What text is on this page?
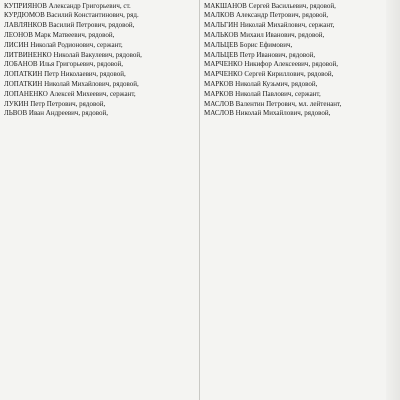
КУПРИЯНОВ Александр Григорьевич, ст.

КУРДЮМОВ Василий Константинович, ряд.

ЛАВЛЯНКОВ Василий Петрович, рядовой,

ЛЕОНОВ Марк Матвеевич, рядовой,

ЛИСИН Николай Родионович, сержант,

ЛИТВИНЕНКО Николай Вакулевич, рядовой,

ЛОБАНОВ Илья Григорьевич, рядовой,

ЛОПАТКИН Петр Николаевич, рядовой,

ЛОПАТКИН Николай Михайлович, рядовой,

ЛОПАНЕНКО Алексей Михеевич, сержант,

ЛУКИН Петр Петрович, рядовой,

ЛЬВОВ Иван Андреевич, рядовой,

МАКШАНОВ Сергей Васильевич, рядовой,

МАЛКОВ Александр Петрович, рядовой,

МАЛЬГИН Николай Михайлович, сержант,

МАЛЬКОВ Михаил Иванович, рядовой,

МАЛЬЦЕВ Борис Ефимович,

МАЛЬЦЕВ Петр Иванович, рядовой,

МАРЧЕНКО Никифор Алексеевич, рядовой,

МАРЧЕНКО Сергей Кириллович, рядовой,

МАРКОВ Николай Кузьмич, рядовой,

МАРКОВ Николай Павлович, сержант,

МАСЛОВ Валентин Петрович, мл. лейтенант,

МАСЛОВ Николай Михайлович, рядовой,
